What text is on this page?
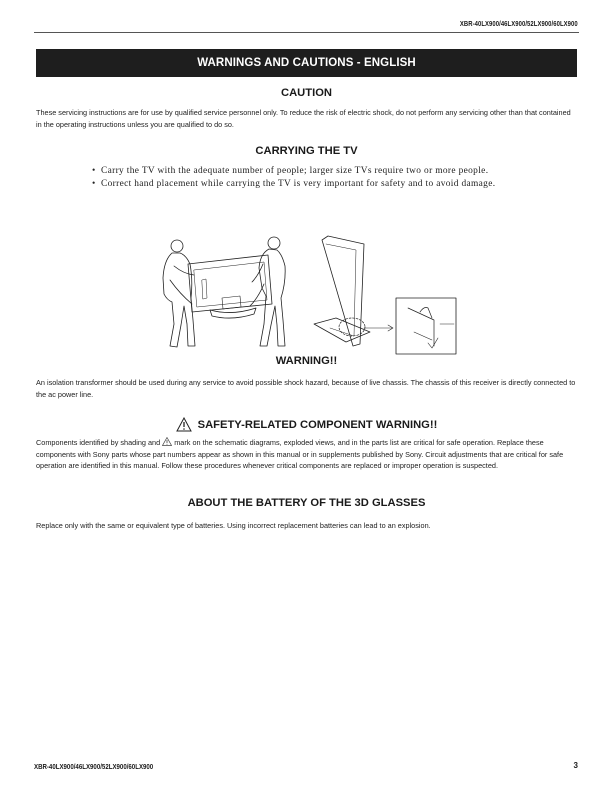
XBR-40LX900/46LX900/52LX900/60LX900
WARNINGS AND CAUTIONS - ENGLISH
CAUTION
These servicing instructions are for use by qualified service personnel only. To reduce the risk of electric shock, do not perform any servicing other than that contained in the operating instructions unless you are qualified to do so.
CARRYING THE TV
• Carry the TV with the adequate number of people; larger size TVs require two or more people.
• Correct hand placement while carrying the TV is very important for safety and to avoid damage.
WARNING!!
An isolation transformer should be used during any service to avoid possible shock hazard, because of live chassis. The chassis of this receiver is directly connected to the ac power line.
SAFETY-RELATED COMPONENT WARNING!!
Components identified by shading and mark on the schematic diagrams, exploded views, and in the parts list are critical for safe operation. Replace these components with Sony parts whose part numbers appear as shown in this manual or in supplements published by Sony. Circuit adjustments that are critical for safe operation are identified in this manual. Follow these procedures whenever critical components are replaced or improper operation is suspected.
ABOUT THE BATTERY OF THE 3D GLASSES
Replace only with the same or equivalent type of batteries. Using incorrect replacement batteries can lead to an explosion.
XBR-40LX900/46LX900/52LX900/60LX900	3
